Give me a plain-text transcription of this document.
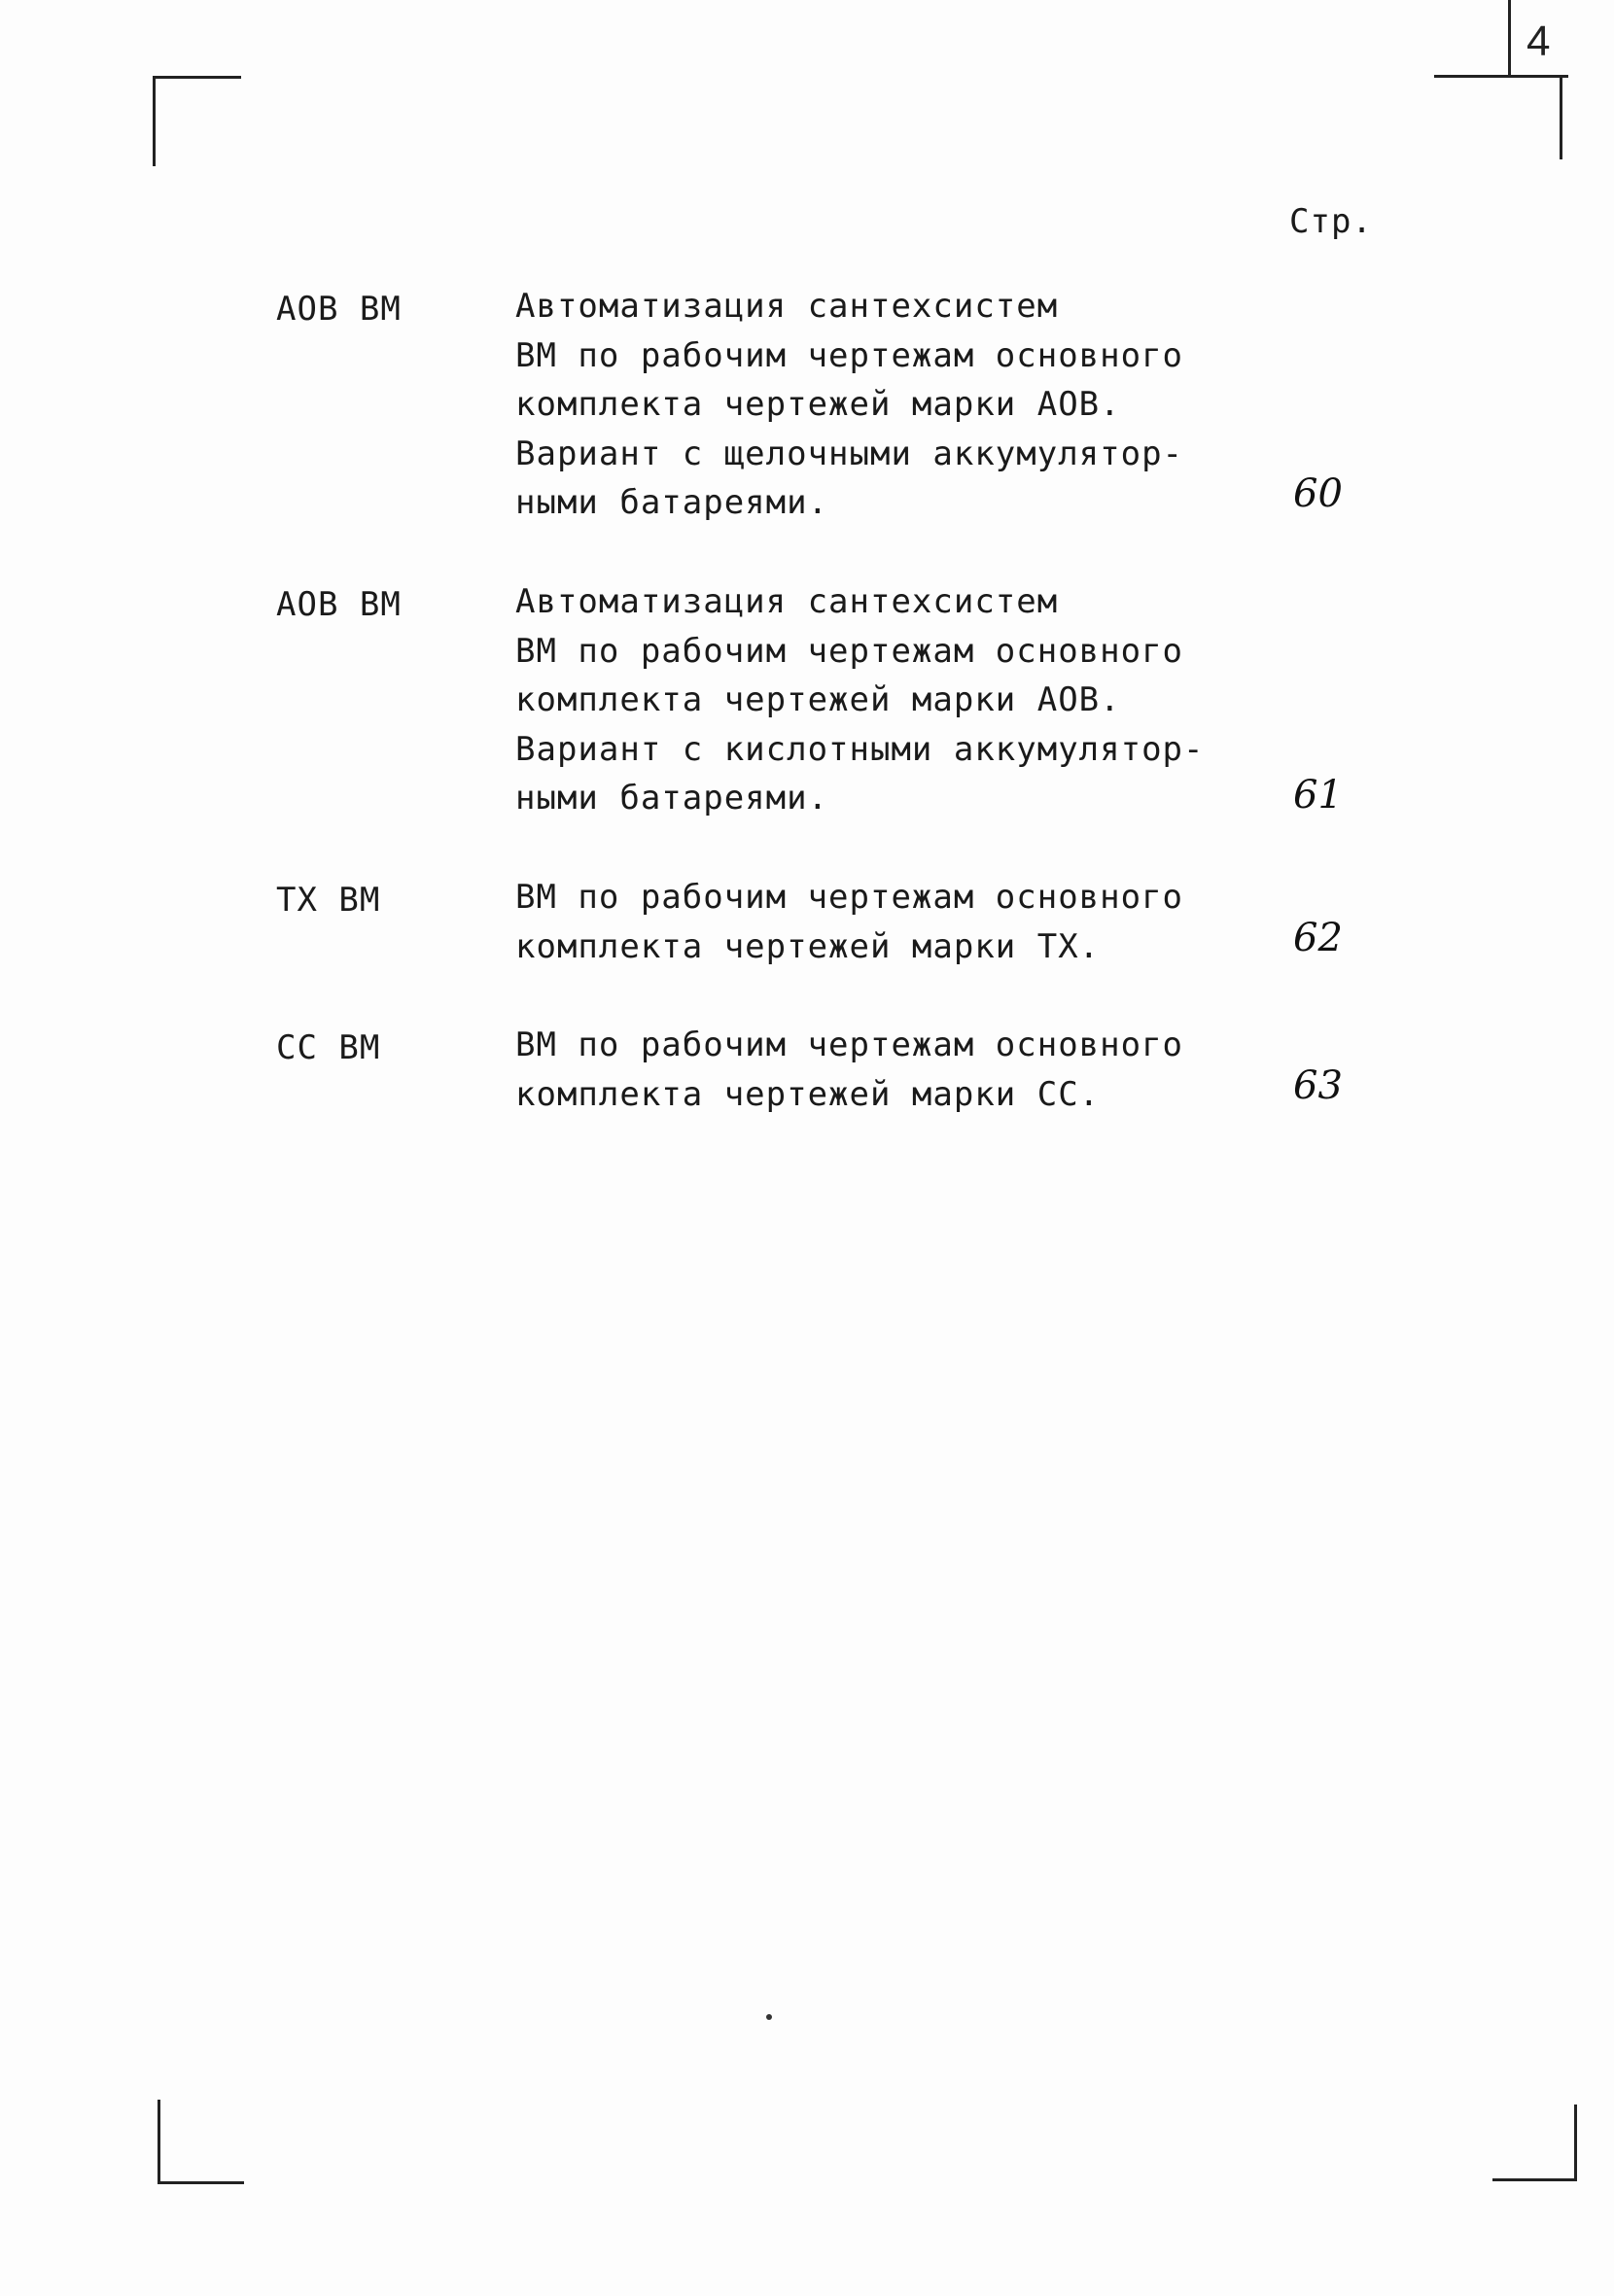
4
Стр.
АОВ ВМ	Автоматизация сантехсистем
ВМ по рабочим чертежам основного
комплекта чертежей марки АОВ.
Вариант с щелочными аккумулятор-
ными батареями.	60
АОВ ВМ	Автоматизация сантехсистем
ВМ по рабочим чертежам основного
комплекта чертежей марки АОВ.
Вариант с кислотными аккумулятор-
ными батареями.	61
ТХ ВМ	ВМ по рабочим чертежам основного
комплекта чертежей марки ТХ.	62
СС ВМ	ВМ по рабочим чертежам основного
комплекта чертежей марки СС.	63
